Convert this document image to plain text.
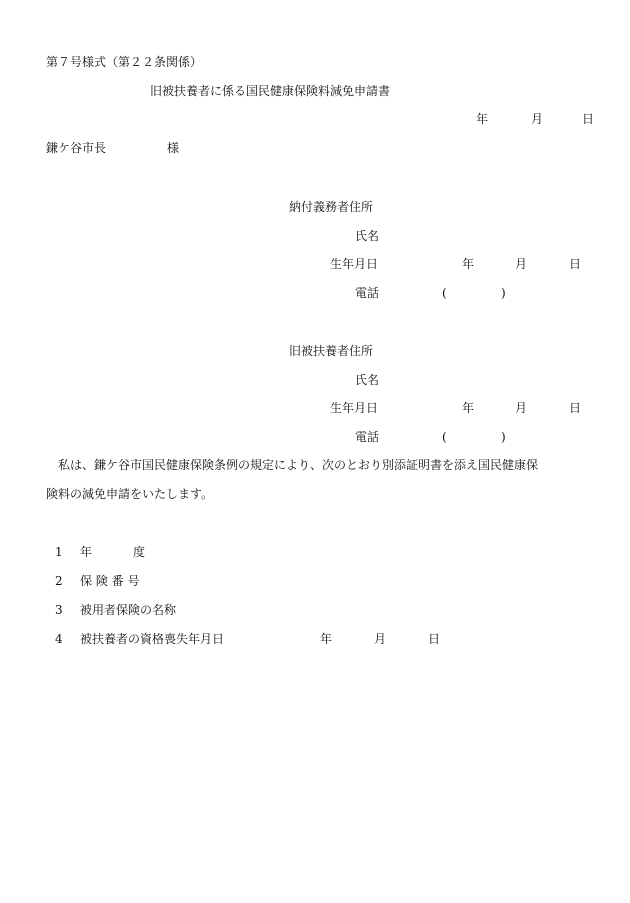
第７号様式（第２２条関係）
旧被扶養者に係る国民健康保険料減免申請書
年	月	日
鎌ケ谷市長	様
納付義務者住所
氏名
生年月日	年	月	日
電話	(	)
旧被扶養者住所
氏名
生年月日	年	月	日
電話	(	)
私は、鎌ケ谷市国民健康保険条例の規定により、次のとおり別添証明書を添え国民健康保
険料の減免申請をいたします。
1 年	度
2 保 険 番 号
3 被用者保険の名称
4 被扶養者の資格喪失年月日	年	月	日
